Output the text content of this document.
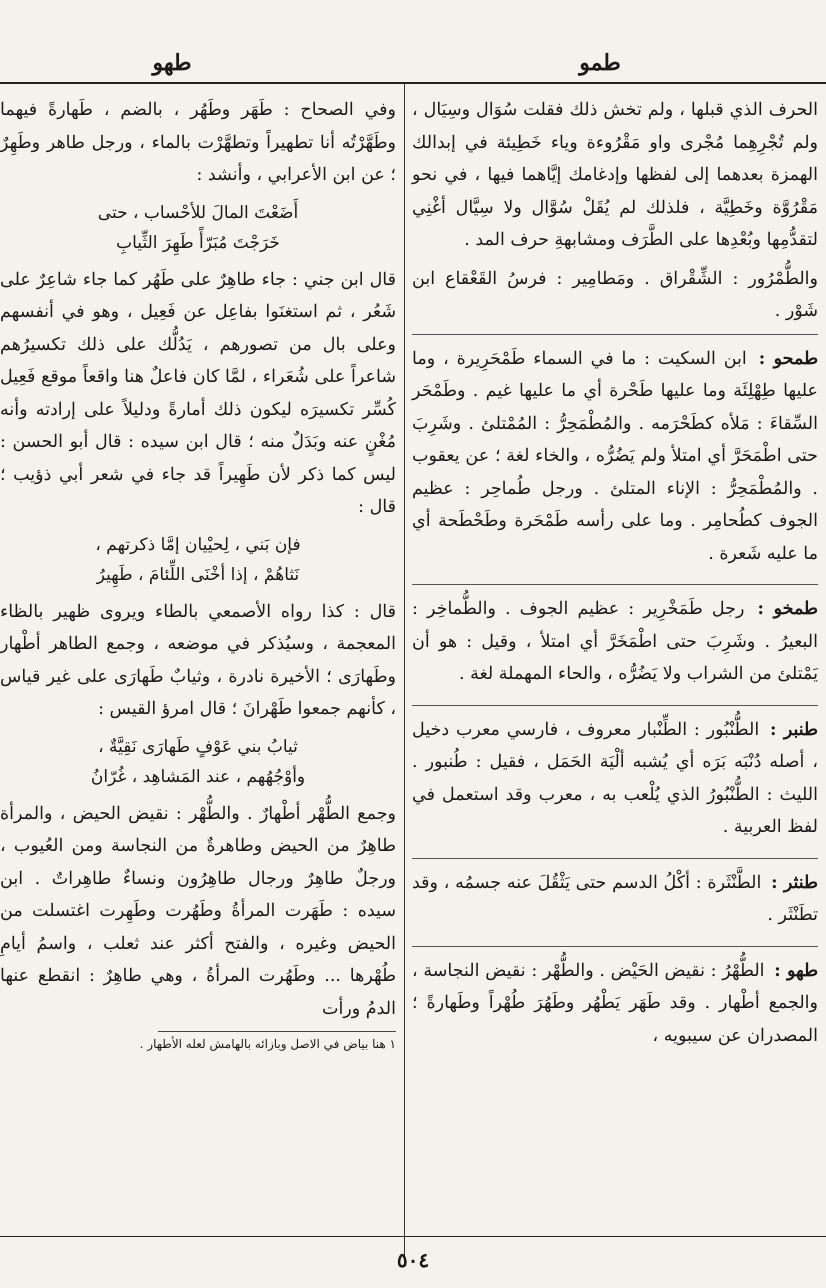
طمو
طهو

الحرف الذي قبلها ، ولم تخش ذلك فقلت سُوَال وسِيَال ، ولم تُجْرِهِما مُجْرى واو مَقْرُوءة وياء خَطِيئة في إبدالك الهمزة بعدهما إلى لفظها وإدغامك إيَّاهما فيها ، في نحو مَقْرُوَّة وخَطِيَّة ، فلذلك لم يُقَلْ سُوَّال ولا سِيَّال أغْنِي لتقدُّمِها وبُعْدِها على الطَّرَف ومشابهةِ حرف المد .

والطُّمْرُور : الشِّقْراق . ومَطامِير : فرسُ القَعْقاع ابن شَوْر .

طمحو : ابن السكيت : ما في السماء طَمْحَرِيرة ، وما عليها طِهْلِئَة وما عليها طَحْرة أي ما عليها غيم . وطَمْحَر السِّقاءَ : مَلأه كطَحْرَمه . والمُطْمَحِرُّ : المُمْتلئ . وشَرِبَ حتى اطْمَحَرَّ أي امتلأ ولم يَضُرُّه ، والخاء لغة ؛ عن يعقوب . والمُطْمَحِرُّ : الإناء المتلئ . ورجل طُماحِر : عظيم الجوف كطُحامِر . وما على رأسه طَمْحَرة وطَحْطَحة أي ما عليه شَعرة .
طمخو : رجل طَمَخْرِير : عظيم الجوف . والطُّماخِر : البعيرُ . وشَرِبَ حتى اطْمَخَرَّ أي امتلأ ، وقيل : هو أن يَمْتلئ من الشراب ولا يَضُرُّه ، والحاء المهملة لغة .
طنبر : الطُّنْبُور : الطِّنْبار معروف ، فارسي معرب دخيل ، أصله دُنْبَه بَرَه أي يُشبه ألْيَة الحَمَل ، فقيل : طُنبور . الليث : الطُّنْبُورُ الذي يُلْعب به ، معرب وقد استعمل في لفظ العربية .
طنثر : الطَّنْثَرة : أكْلُ الدسم حتى يَثْقُلَ عنه جسمُه ، وقد تطَنْثَر .
طهو : الطُّهْرُ : نقيض الحَيْض . والطُّهْر : نقيض النجاسة ، والجمع أطْهار . وقد طَهَر يَطْهُر وطَهُرَ طُهْراً وطَهارةً ؛ المصدران عن سيبويه ،

وفي الصحاح : طَهَر وطَهُر ، بالضم ، طَهارةً فيهما وطَهَّرْتُه أنا تطهيراً وتطهَّرْت بالماء ، ورجل طاهر وطَهِرٌ ؛ عن ابن الأعرابي ، وأنشد :

أَضَعْتَ المالَ للأحْساب ، حتى
خَرَجْتَ مُبَرّأً طَهِرَ الثِّيابِ

قال ابن جني : جاء طاهِرٌ على طَهُر كما جاء شاعِرٌ على شَعُر ، ثم استغنَوا بفاعِل عن فَعِيل ، وهو في أنفسهم وعلى بال من تصورهم ، يَدُلُّك على ذلك تكسيرُهم شاعراً على شُعَراء ، لمَّا كان فاعلٌ هنا واقعاً موقع فَعِيل كُسِّر تكسيرَه ليكون ذلك أمارةً ودليلاً على إرادته وأنه مُغْنٍ عنه وبَدَلٌ منه ؛ قال ابن سيده : قال أبو الحسن : ليس كما ذكر لأن طَهِيراً قد جاء في شعر أبي ذؤيب ؛ قال :

فإن بَني ، لِحيْيان إمَّا ذكرتهم ،
نَثاهُمْ ، إذا أخْنَى اللِّئامَ ، طَهِيرُ

قال : كذا رواه الأصمعي بالطاء ويروى ظهير بالظاء المعجمة ، وسيُذكر في موضعه ، وجمع الطاهر أطْهار وطَهارَى ؛ الأخيرة نادرة ، وثيابٌ طَهارَى على غير قياس ، كأنهم جمعوا طَهْرانَ ؛ قال امرؤ القيس :

ثيابُ بني عَوْفٍ طَهارَى نَقِيَّةٌ ،
وأوْجُهُهم ، عند المَشاهِد ، غُرّانُ

وجمع الطُّهْر أطْهارٌ . والطُّهْر : نقيض الحيض ، والمرأة طاهِرٌ من الحيض وطاهرةٌ من النجاسة ومن العُيوب ، ورجلٌ طاهِرٌ ورجال طاهِرُون ونساءٌ طاهِراتٌ . ابن سيده : طَهَرت المرأةُ وطَهُرت وطَهِرت اغتسلت من الحيض وغيره ، والفتح أكثر عند ثعلب ، واسمُ أيامِ طُهْرها ... وطَهُرت المرأةُ ، وهي طاهِرٌ : انقطع عنها الدمُ ورأت

١ هنا بياض في الاصل وبازائه بالهامش لعله الأطهار .
٥٠٤
